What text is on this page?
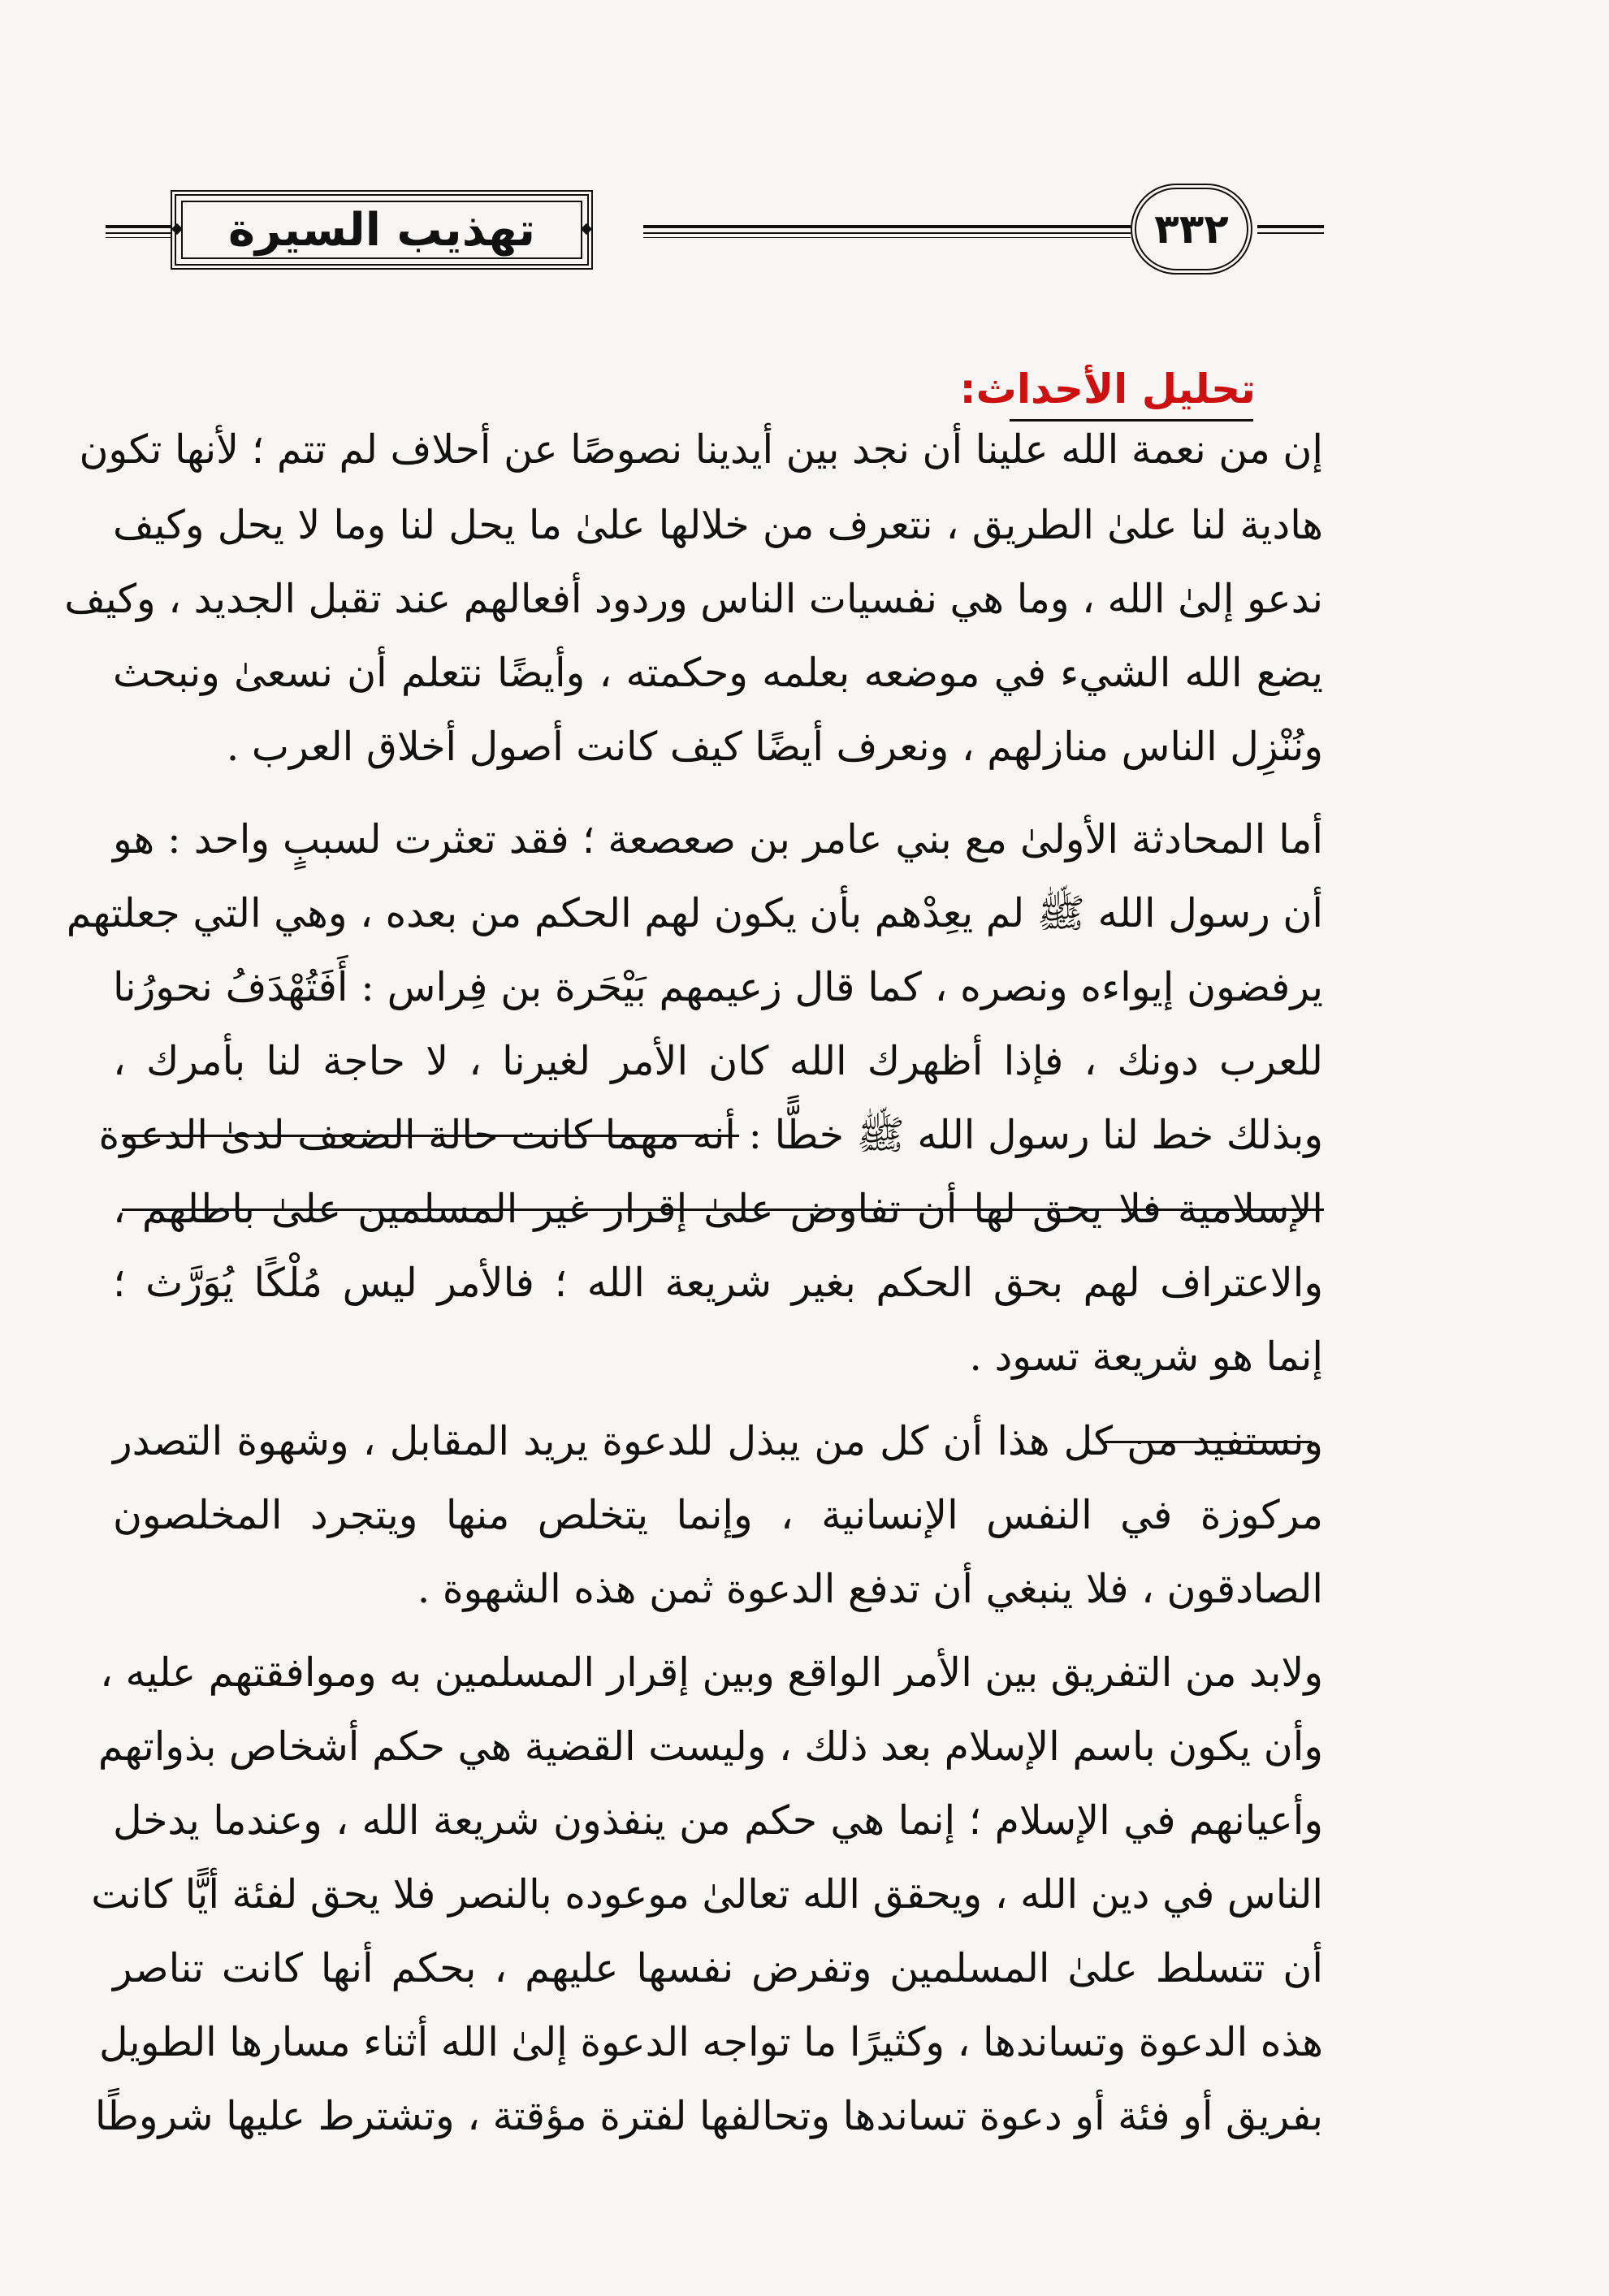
تهذيب السيرة	٣٣٢
تحليل الأحداث:
إن من نعمة الله علينا أن نجد بين أيدينا نصوصًا عن أحلاف لم تتم ؛ لأنها تكون
هادية لنا علىٰ الطريق ، نتعرف من خلالها علىٰ ما يحل لنا وما لا يحل وكيف
ندعو إلىٰ الله ، وما هي نفسيات الناس وردود أفعالهم عند تقبل الجديد ، وكيف
يضع الله الشيء في موضعه بعلمه وحكمته ، وأيضًا نتعلم أن نسعىٰ ونبحث
ونُنْزِل الناس منازلهم ، ونعرف أيضًا كيف كانت أصول أخلاق العرب .
أما المحادثة الأولىٰ مع بني عامر بن صعصعة ؛ فقد تعثرت لسببٍ واحد : هو
أن رسول الله ﷺ لم يعِدْهم بأن يكون لهم الحكم من بعده ، وهي التي جعلتهم
يرفضون إيواءه ونصره ، كما قال زعيمهم بَيْحَرة بن فِراس : أَفَتُهْدَفُ نحورُنا
للعرب دونك ، فإذا أظهرك الله كان الأمر لغيرنا ، لا حاجة لنا بأمرك ،
وبذلك خط لنا رسول الله ﷺ خطًّا : أنه مهما كانت حالة الضعف لدىٰ الدعوة
الإسلامية فلا يحق لها أن تفاوض علىٰ إقرار غير المسلمين علىٰ باطلهم ،
والاعتراف لهم بحق الحكم بغير شريعة الله ؛ فالأمر ليس مُلْكًا يُوَرَّث ؛
إنما هو شريعة تسود .
ونستفيد من كل هذا أن كل من يبذل للدعوة يريد المقابل ، وشهوة التصدر
مركوزة في النفس الإنسانية ، وإنما يتخلص منها ويتجرد المخلصون
الصادقون ، فلا ينبغي أن تدفع الدعوة ثمن هذه الشهوة .
ولابد من التفريق بين الأمر الواقع وبين إقرار المسلمين به وموافقتهم عليه ،
وأن يكون باسم الإسلام بعد ذلك ، وليست القضية هي حكم أشخاص بذواتهم
وأعيانهم في الإسلام ؛ إنما هي حكم من ينفذون شريعة الله ، وعندما يدخل
الناس في دين الله ، ويحقق الله تعالىٰ موعوده بالنصر فلا يحق لفئة أيًّا كانت
أن تتسلط علىٰ المسلمين وتفرض نفسها عليهم ، بحكم أنها كانت تناصر
هذه الدعوة وتساندها ، وكثيرًا ما تواجه الدعوة إلىٰ الله أثناء مسارها الطويل
بفريق أو فئة أو دعوة تساندها وتحالفها لفترة مؤقتة ، وتشترط عليها شروطًا
